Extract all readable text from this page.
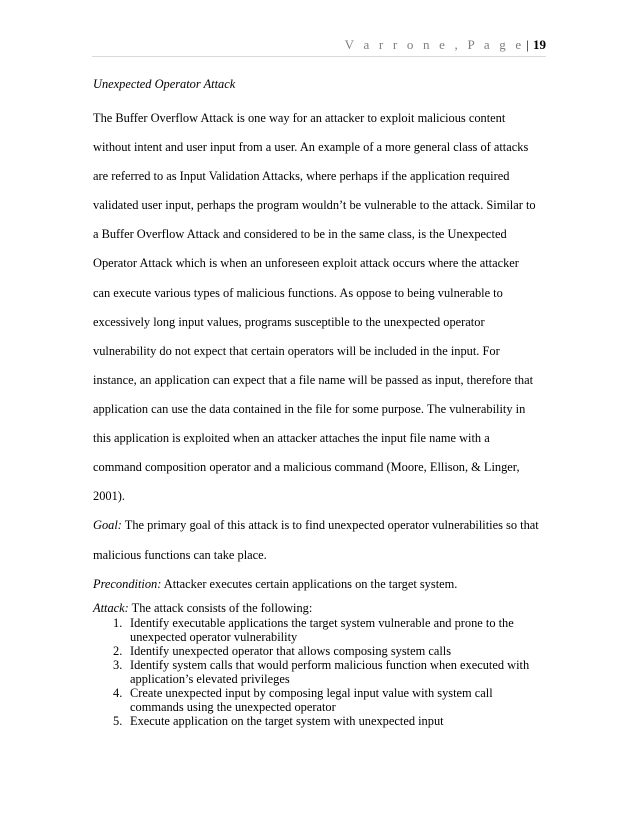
V a r r o n e , P a g e | 19

Unexpected Operator Attack

The Buffer Overflow Attack is one way for an attacker to exploit malicious content
without intent and user input from a user. An example of a more general class of attacks
are referred to as Input Validation Attacks, where perhaps if the application required
validated user input, perhaps the program wouldn’t be vulnerable to the attack. Similar to
a Buffer Overflow Attack and considered to be in the same class, is the Unexpected
Operator Attack which is when an unforeseen exploit attack occurs where the attacker
can execute various types of malicious functions. As oppose to being vulnerable to
excessively long input values, programs susceptible to the unexpected operator
vulnerability do not expect that certain operators will be included in the input. For
instance, an application can expect that a file name will be passed as input, therefore that
application can use the data contained in the file for some purpose. The vulnerability in
this application is exploited when an attacker attaches the input file name with a
command composition operator and a malicious command (Moore, Ellison, & Linger,
2001).

Goal: The primary goal of this attack is to find unexpected operator vulnerabilities so that
malicious functions can take place.
Precondition: Attacker executes certain applications on the target system.

Attack: The attack consists of the following:

1. Identify executable applications the target system vulnerable and prone to the
unexpected operator vulnerability
2. Identify unexpected operator that allows composing system calls
3. Identify system calls that would perform malicious function when executed with
application’s elevated privileges
4. Create unexpected input by composing legal input value with system call
commands using the unexpected operator
5. Execute application on the target system with unexpected input
